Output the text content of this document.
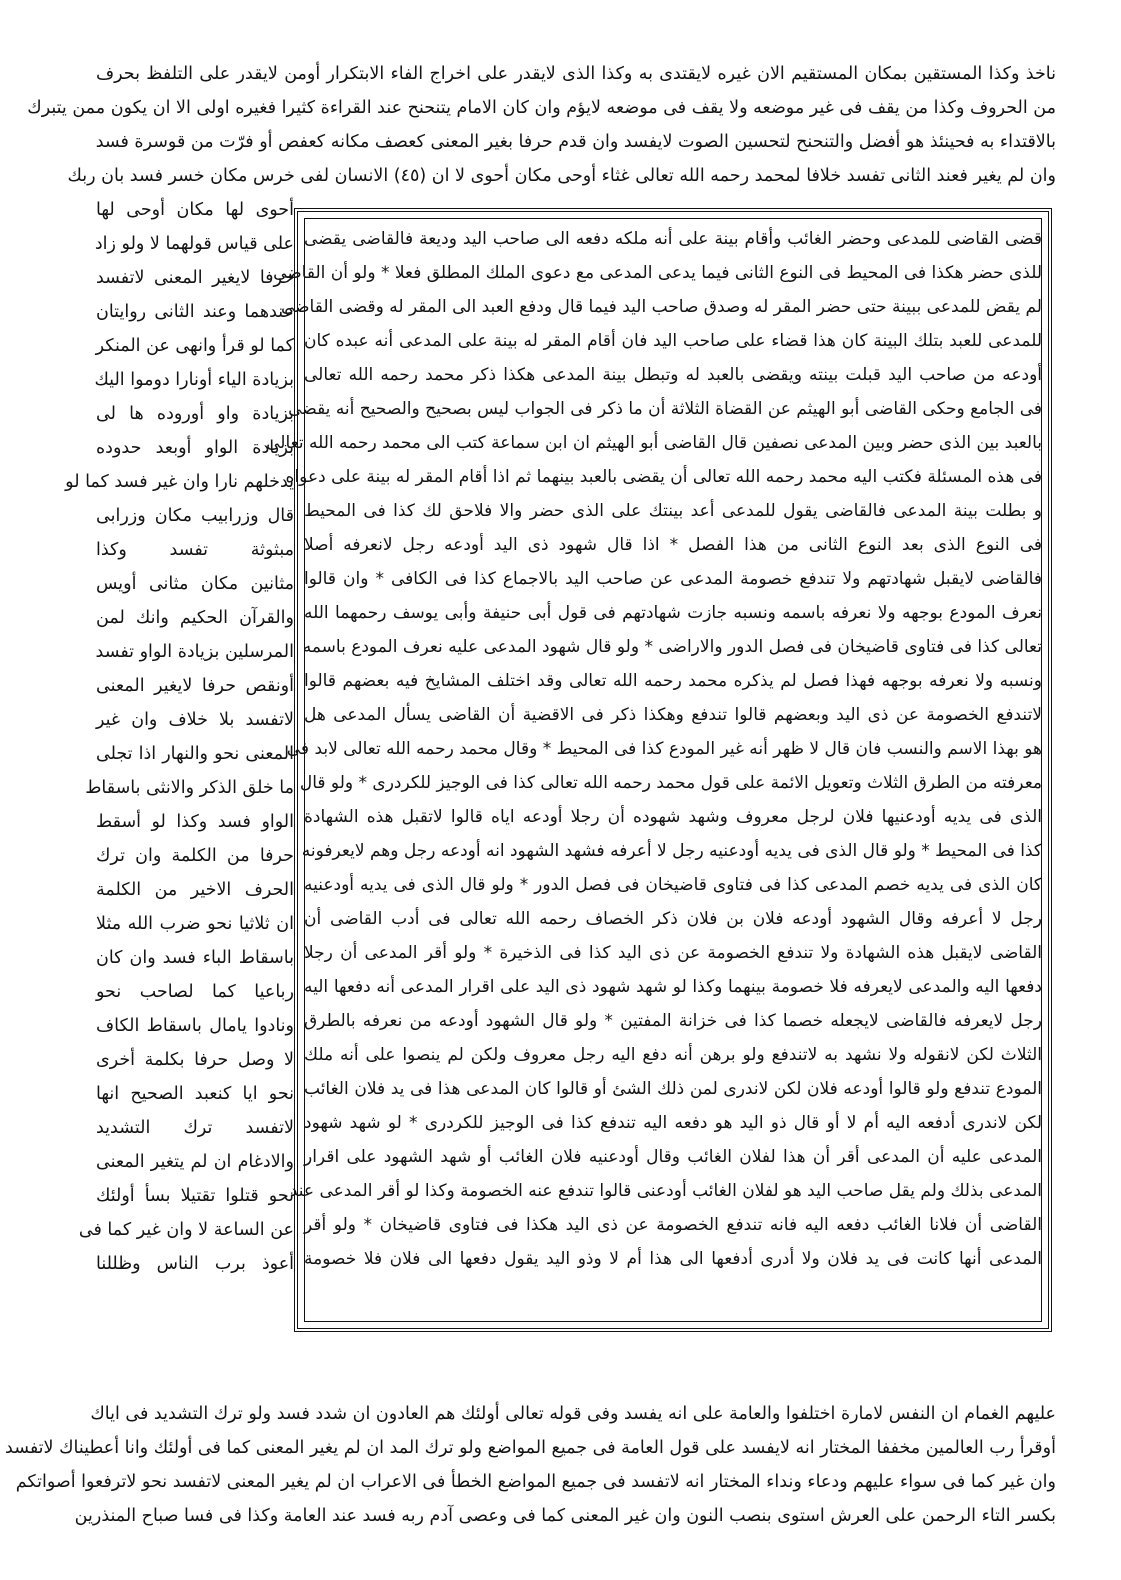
ناخذ وكذا المستقين بمكان المستقيم الان غيره لايقتدى به وكذا الذى لايقدر على اخراج الفاء الابتكرار أومن لايقدر على التلفظ بحرف
من الحروف وكذا من يقف فى غير موضعه ولا يقف فى موضعه لايؤم وان كان الامام يتنحنح عند القراءة كثيرا فغيره اولى الا ان يكون ممن يتبرك
بالاقتداء به فحينئذ هو أفضل والتنحنح لتحسين الصوت لايفسد وان قدم حرفا بغير المعنى كعصف مكانه كعفص أو فرّت من قوسرة فسد
وان لم يغير فعند الثانى تفسد خلافا لمحمد رحمه الله تعالى غثاء أوحى مكان أحوى لا ان (٤٥) الانسان لفى خرس مكان خسر فسد بان ربك
أحوى لها مكان أوحى لها
على قياس قولهما لا ولو زاد
حرفا لايغير المعنى لاتفسد
عندهما وعند الثانى روايتان
كما لو قرأ وانهى عن المنكر
بزيادة الياء أونارا دوموا اليك
بزيادة واو أوروده ها لى
بزيادة الواو أوبعد حدوده
يدخلهم نارا وان غير فسد كما لو
قال وزرابيب مكان وزرابى
مبثوثة تفسد وكذا
مثانين مكان مثانى أويس
والقرآن الحكيم وانك لمن
المرسلين بزيادة الواو تفسد
أونقص حرفا لايغير المعنى
لاتفسد بلا خلاف وان غير
المعنى نحو والنهار اذا تجلى
ما خلق الذكر والانثى باسقاط
الواو فسد وكذا لو أسقط
حرفا من الكلمة وان ترك
الحرف الاخير من الكلمة
ان ثلاثيا نحو ضرب الله مثلا
باسقاط الباء فسد وان كان
رباعيا كما لصاحب نحو
ونادوا يامال باسقاط الكاف
لا وصل حرفا بكلمة أخرى
نحو ايا كنعبد الصحيح انها
لاتفسد ترك التشديد
والادغام ان لم يتغير المعنى
نحو قتلوا تقتيلا بسأ أولئك
عن الساعة لا وان غير كما فى
أعوذ برب الناس وظللنا
قضى القاضى للمدعى وحضر الغائب وأقام بينة على أنه ملكه دفعه الى صاحب اليد وديعة فالقاضى يقضى
للذى حضر هكذا فى المحيط فى النوع الثانى فيما يدعى المدعى مع دعوى الملك المطلق فعلا * ولو أن القاضى
لم يقض للمدعى ببينة حتى حضر المقر له وصدق صاحب اليد فيما قال ودفع العبد الى المقر له وقضى القاضى
للمدعى للعبد بتلك البينة كان هذا قضاء على صاحب اليد فان أقام المقر له بينة على المدعى أنه عبده كان
أودعه من صاحب اليد قبلت بينته ويقضى بالعبد له وتبطل بينة المدعى هكذا ذكر محمد رحمه الله تعالى
فى الجامع وحكى القاضى أبو الهيثم عن القضاة الثلاثة أن ما ذكر فى الجواب ليس بصحيح والصحيح أنه يقضى
بالعبد بين الذى حضر وبين المدعى نصفين قال القاضى أبو الهيثم ان ابن سماعة كتب الى محمد رحمه الله تعالى
فى هذه المسئلة فكتب اليه محمد رحمه الله تعالى أن يقضى بالعبد بينهما ثم اذا أقام المقر له بينة على دعواه
و بطلت بينة المدعى فالقاضى يقول للمدعى أعد بينتك على الذى حضر والا فلاحق لك كذا فى المحيط
فى النوع الذى بعد النوع الثانى من هذا الفصل * اذا قال شهود ذى اليد أودعه رجل لانعرفه أصلا
فالقاضى لايقبل شهادتهم ولا تندفع خصومة المدعى عن صاحب اليد بالاجماع كذا فى الكافى * وان قالوا
نعرف المودع بوجهه ولا نعرفه باسمه ونسبه جازت شهادتهم فى قول أبى حنيفة وأبى يوسف رحمهما الله
تعالى كذا فى فتاوى قاضيخان فى فصل الدور والاراضى * ولو قال شهود المدعى عليه نعرف المودع باسمه
ونسبه ولا نعرفه بوجهه فهذا فصل لم يذكره محمد رحمه الله تعالى وقد اختلف المشايخ فيه بعضهم قالوا
لاتندفع الخصومة عن ذى اليد وبعضهم قالوا تندفع وهكذا ذكر فى الاقضية أن القاضى يسأل المدعى هل
هو بهذا الاسم والنسب فان قال لا ظهر أنه غير المودع كذا فى المحيط * وقال محمد رحمه الله تعالى لابد فى
معرفته من الطرق الثلاث وتعويل الائمة على قول محمد رحمه الله تعالى كذا فى الوجيز للكردرى * ولو قال
الذى فى يديه أودعنيها فلان لرجل معروف وشهد شهوده أن رجلا أودعه اياه قالوا لاتقبل هذه الشهادة
كذا فى المحيط * ولو قال الذى فى يديه أودعنيه رجل لا أعرفه فشهد الشهود انه أودعه رجل وهم لايعرفونه
كان الذى فى يديه خصم المدعى كذا فى فتاوى قاضيخان فى فصل الدور * ولو قال الذى فى يديه أودعنيه
رجل لا أعرفه وقال الشهود أودعه فلان بن فلان ذكر الخصاف رحمه الله تعالى فى أدب القاضى أن
القاضى لايقبل هذه الشهادة ولا تندفع الخصومة عن ذى اليد كذا فى الذخيرة * ولو أقر المدعى أن رجلا
دفعها اليه والمدعى لايعرفه فلا خصومة بينهما وكذا لو شهد شهود ذى اليد على اقرار المدعى أنه دفعها اليه
رجل لايعرفه فالقاضى لايجعله خصما كذا فى خزانة المفتين * ولو قال الشهود أودعه من نعرفه بالطرق
الثلاث لكن لانقوله ولا نشهد به لاتندفع ولو برهن أنه دفع اليه رجل معروف ولكن لم ينصوا على أنه ملك
المودع تندفع ولو قالوا أودعه فلان لكن لاندرى لمن ذلك الشئ أو قالوا كان المدعى هذا فى يد فلان الغائب
لكن لاندرى أدفعه اليه أم لا أو قال ذو اليد هو دفعه اليه تندفع كذا فى الوجيز للكردرى * لو شهد شهود
المدعى عليه أن المدعى أقر أن هذا لفلان الغائب وقال أودعنيه فلان الغائب أو شهد الشهود على اقرار
المدعى بذلك ولم يقل صاحب اليد هو لفلان الغائب أودعنى قالوا تندفع عنه الخصومة وكذا لو أقر المدعى عند
القاضى أن فلانا الغائب دفعه اليه فانه تندفع الخصومة عن ذى اليد هكذا فى فتاوى قاضيخان * ولو أقر
المدعى أنها كانت فى يد فلان ولا أدرى أدفعها الى هذا أم لا وذو اليد يقول دفعها الى فلان فلا خصومة
عليهم الغمام ان النفس لامارة اختلفوا والعامة على انه يفسد وفى قوله تعالى أولئك هم العادون ان شدد فسد ولو ترك التشديد فى اياك
أوقرأ رب العالمين مخففا المختار انه لايفسد على قول العامة فى جميع المواضع ولو ترك المد ان لم يغير المعنى كما فى أولئك وانا أعطيناك لاتفسد
وان غير كما فى سواء عليهم ودعاء ونداء المختار انه لاتفسد فى جميع المواضع الخطأ فى الاعراب ان لم يغير المعنى لاتفسد نحو لاترفعوا أصواتكم
بكسر التاء الرحمن على العرش استوى بنصب النون وان غير المعنى كما فى وعصى آدم ربه فسد عند العامة وكذا فى فسا صباح المنذرين
